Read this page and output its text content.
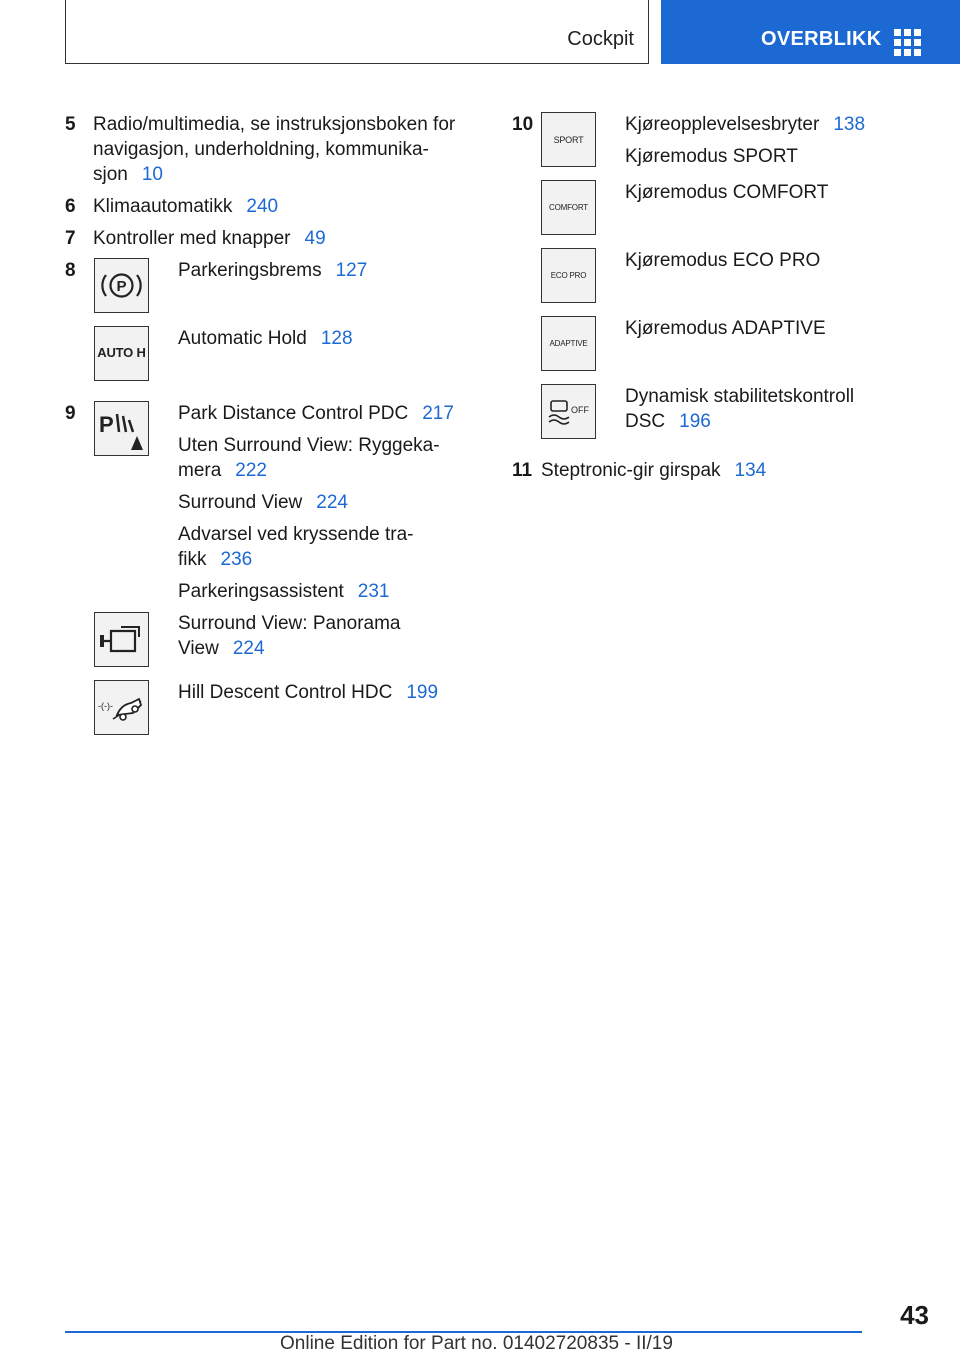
Cockpit	OVERBLIKK
5 Radio/multimedia, se instruksjonsboken for
navigasjon, underholdning, kommunika-
sjon 10
6 Klimaautomatikk 240
7 Kontroller med knapper 49
8
P
Parkeringsbrems 127
AUTO H
Automatic Hold 128
9 P	Park Distance Control PDC 217
Uten Surround View: Ryggeka-
mera 222
Surround View 224
Advarsel ved kryssende tra-
fikk 236
Parkeringsassistent 231
Surround View: Panorama
View 224
-(-)-
Hill Descent Control HDC 199
10
SPORT
Kjøreopplevelsesbryter 138
Kjøremodus SPORT
COMFORT
Kjøremodus COMFORT
ECO PRO
Kjøremodus ECO PRO
ADAPTIVE
Kjøremodus ADAPTIVE
OFF
Dynamisk stabilitetskontroll
DSC 196
11 Steptronic-gir girspak 134
43
Online Edition for Part no. 01402720835 - II/19
